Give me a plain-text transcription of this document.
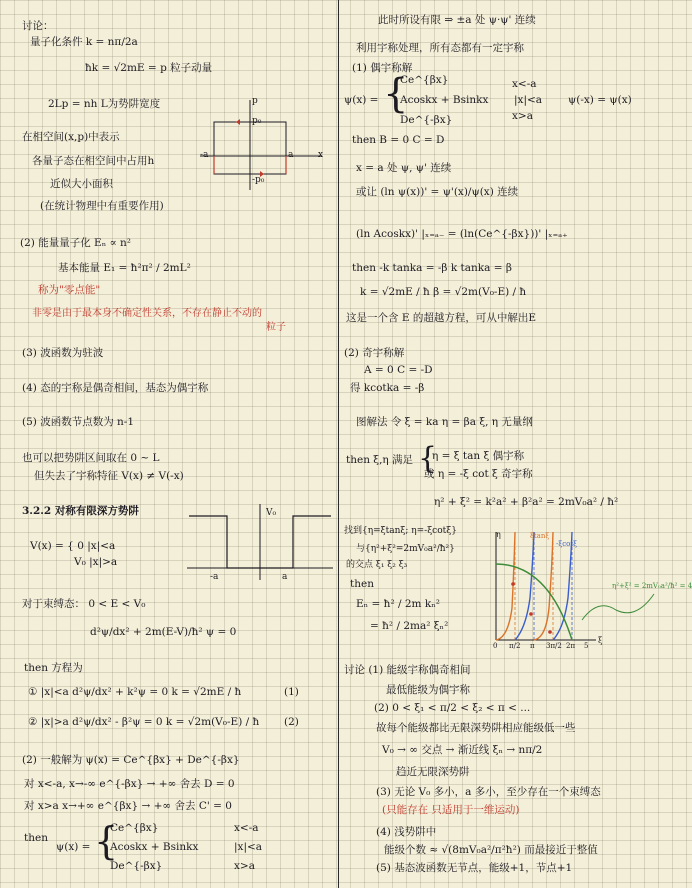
讨论：
量子化条件 k = nπ/2a
ħk = √2mE = p 粒子动量
2Lp = nh L为势阱宽度	p
p₀
-p₀
a
-a	x
在相空间(x,p)中表示
各量子态在相空间中占用h
近似大小面积
(在统计物理中有重要作用)
(2) 能量量子化 Eₙ ∝ n²
基本能量 E₁ = ħ²π² / 2mL²
称为"零点能"
非零是由于最本身不确定性关系，不存在静止不动的
粒子
(3) 波函数为驻波
(4) 态的宇称是偶奇相间，基态为偶宇称
(5) 波函数节点数为 n-1
也可以把势阱区间取在 0 ~ L
但失去了宇称特征 V(x) ≠ V(-x)
3.2.2 对称有限深方势阱
V(x) = { 0 |x|<a
V₀ |x|>a
V₀
-a	a
对于束缚态： 0 < E < V₀
d²ψ/dx² + 2m(E-V)/ħ² ψ = 0
then 方程为
① |x|<a d²ψ/dx² + k²ψ = 0 k = √2mE / ħ	(1)
② |x|>a d²ψ/dx² - β²ψ = 0 k = √2m(V₀-E) / ħ (2)
(2) 一般解为 ψ(x) = Ce^{βx} + De^{-βx}
对 x<-a, x→-∞ e^{-βx} → +∞ 舍去 D = 0
对 x>a x→+∞ e^{βx} → +∞ 舍去 C' = 0
then
ψ(x) = {
Ce^{βx}
Acoskx + Bsinkx
De^{-βx}
x<-a
|x|<a
x>a
此时所设有限 ⇒ ±a 处 ψ·ψ' 连续
利用宇称处理，所有态都有一定宇称
(1) 偶宇称解
ψ(x) = {
Ce^{βx}
Acoskx + Bsinkx
De^{-βx}
x<-a
|x|<a
x>a
ψ(-x) = ψ(x)
then B = 0 C = D
x = a 处 ψ, ψ' 连续
或让 (ln ψ(x))' = ψ'(x)/ψ(x) 连续
(ln Acoskx)' |ₓ₌ₐ₋ = (ln(Ce^{-βx}))' |ₓ₌ₐ₊
then -k tanka = -β k tanka = β
k = √2mE / ħ β = √2m(V₀-E) / ħ
这是一个含 E 的超越方程，可从中解出E
(2) 奇宇称解
A = 0 C = -D
得 kcotka = -β
图解法 令 ξ = ka η = βa ξ, η 无量纲
then ξ,η 满足 {
η = ξ tan ξ 偶宇称
或 η = -ξ cot ξ 奇宇称
η² + ξ² = k²a² + β²a² = 2mV₀a² / ħ²
找到{η=ξtanξ; η=-ξcotξ}
与{η²+ξ²=2mV₀a²/ħ²}
的交点 ξ₁ ξ₂ ξ₃
then
Eₙ = ħ² / 2m kₙ²
= ħ² / 2ma² ξₙ²
η	ξtanξ
-ξcotξ
η²+ξ² = 2mV₀a²/ħ² = 4
ξ
0 π/2 π 3π/2 2π 5
讨论 (1) 能级宇称偶奇相间
最低能级为偶宇称
(2) 0 < ξ₁ < π/2 < ξ₂ < π < ...
故每个能级都比无限深势阱相应能级低一些
V₀ → ∞ 交点 → 渐近线 ξₙ → nπ/2
趋近无限深势阱
(3) 无论 V₀ 多小，a 多小，至少存在一个束缚态
(只能存在 只适用于一维运动)
(4) 浅势阱中
能级个数 ≈ √(8mV₀a²/π²ħ²) 而最接近于整值
(5) 基态波函数无节点，能级+1，节点+1
